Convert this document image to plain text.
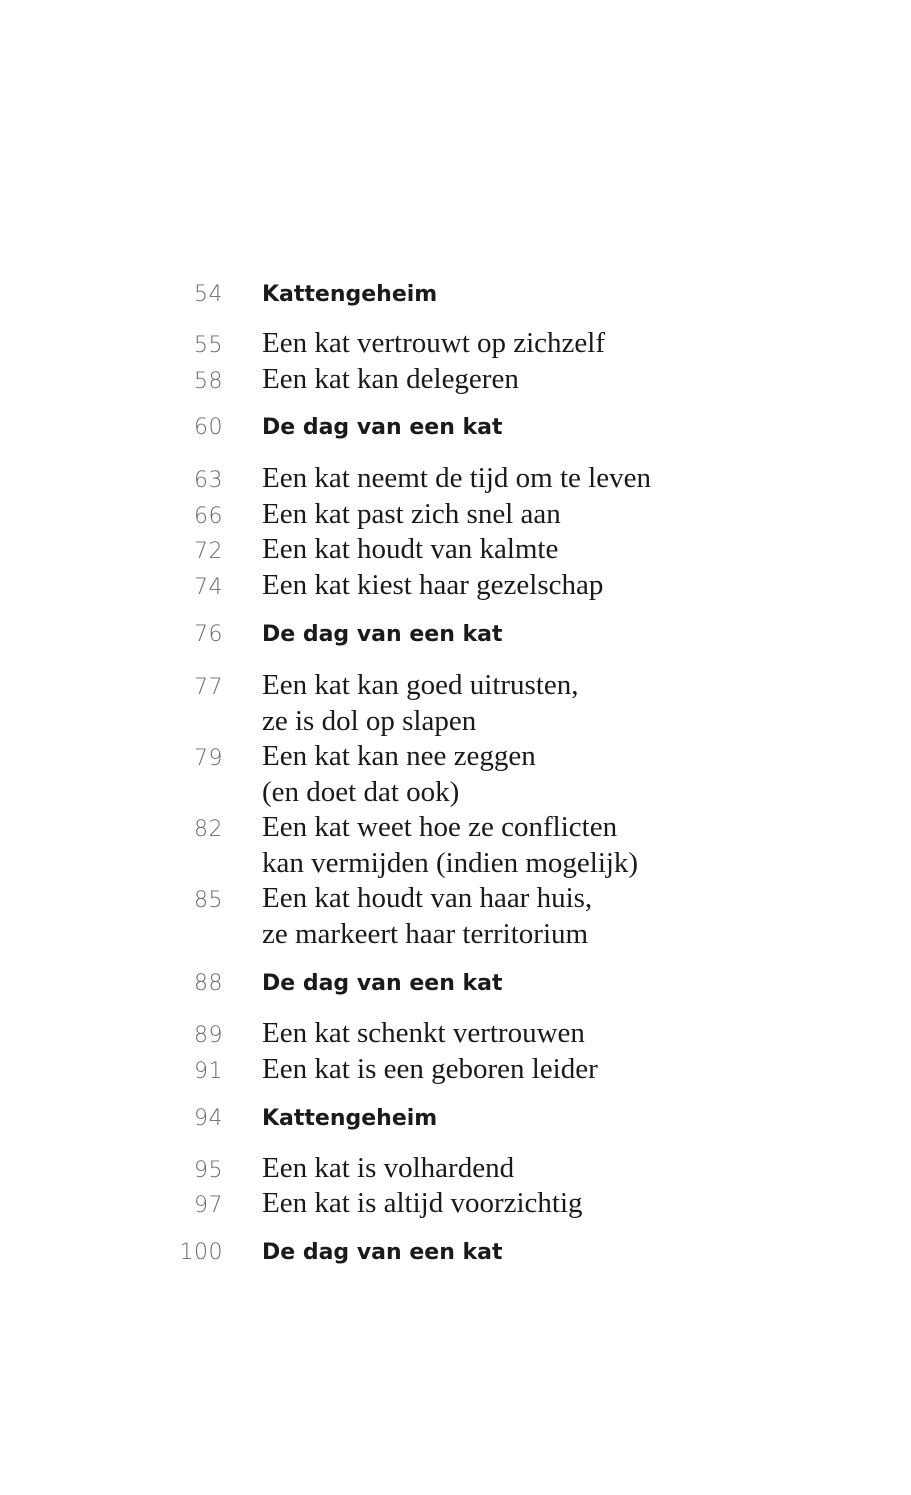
54 Kattengeheim
55 Een kat vertrouwt op zichzelf
58 Een kat kan delegeren
60 De dag van een kat
63 Een kat neemt de tijd om te leven
66 Een kat past zich snel aan
72 Een kat houdt van kalmte
74 Een kat kiest haar gezelschap
76 De dag van een kat
77 Een kat kan goed uitrusten,
ze is dol op slapen
79 Een kat kan nee zeggen
(en doet dat ook)
82 Een kat weet hoe ze conflicten
kan vermijden (indien mogelijk)
85 Een kat houdt van haar huis,
ze markeert haar territorium
88 De dag van een kat
89 Een kat schenkt vertrouwen
91 Een kat is een geboren leider
94 Kattengeheim
95 Een kat is volhardend
97 Een kat is altijd voorzichtig
100 De dag van een kat
